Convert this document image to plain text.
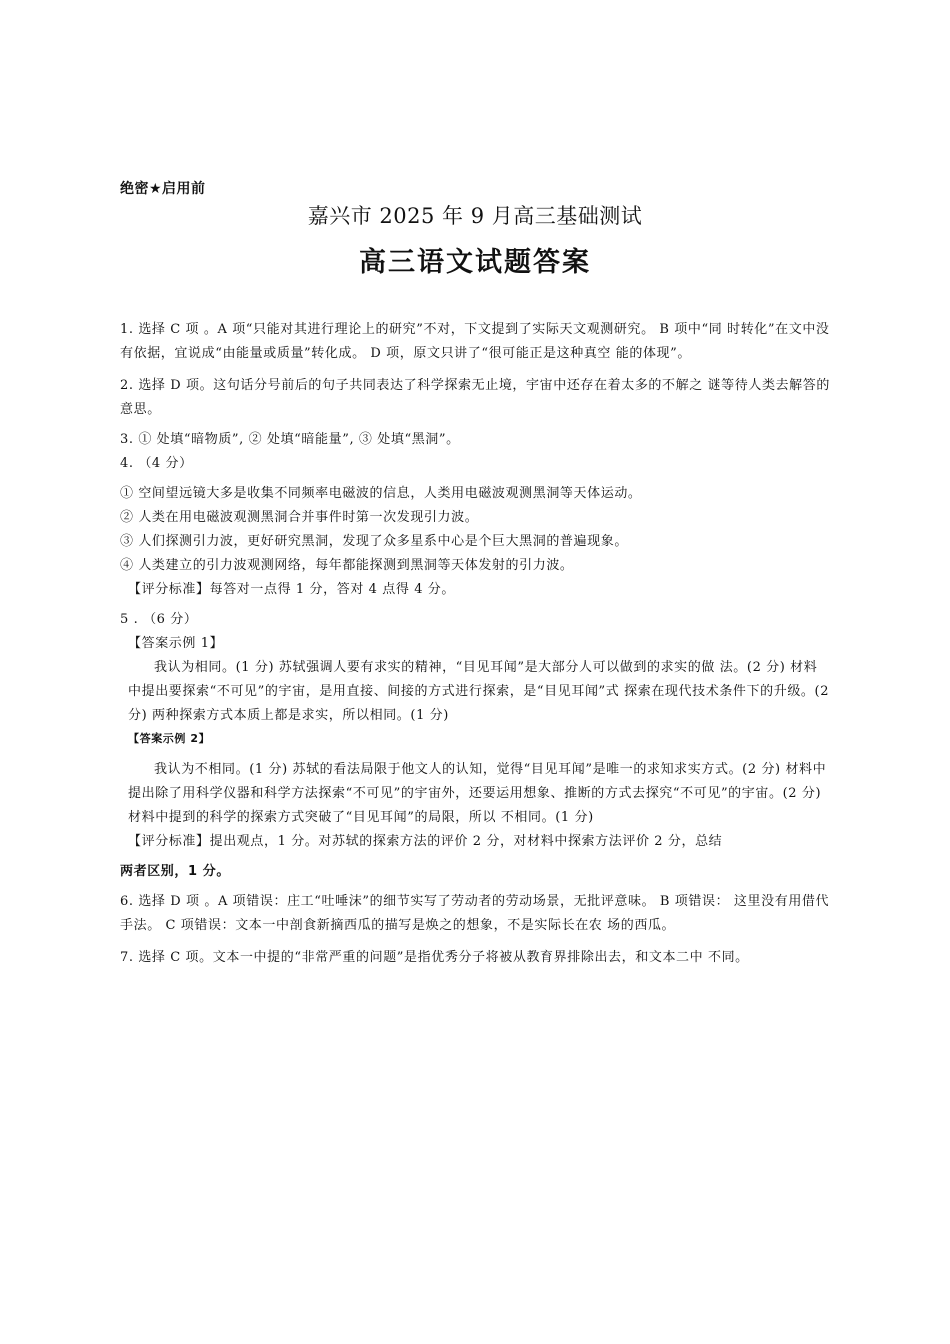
绝密★启用前
嘉兴市 2025 年 9 月高三基础测试
高三语文试题答案

1. 选择 C 项 。A 项“只能对其进行理论上的研究”不对，下文提到了实际天文观测研究。 B 项中“同 时转化”在文中没有依据，宜说成“由能量或质量”转化成。 D 项，原文只讲了“很可能正是这种真空 能的体现”。

2. 选择 D 项。这句话分号前后的句子共同表达了科学探索无止境，宇宙中还存在着太多的不解之 谜等待人类去解答的意思。

3. ① 处填“暗物质”, ② 处填“暗能量”, ③ 处填“黑洞”。

4. （4 分）

① 空间望远镜大多是收集不同频率电磁波的信息，人类用电磁波观测黑洞等天体运动。

② 人类在用电磁波观测黑洞合并事件时第一次发现引力波。

③ 人们探测引力波，更好研究黑洞，发现了众多星系中心是个巨大黑洞的普遍现象。

④ 人类建立的引力波观测网络，每年都能探测到黑洞等天体发射的引力波。

【评分标准】每答对一点得 1 分，答对 4 点得 4 分。

5 . （6 分）

【答案示例 1】

我认为相同。(1 分) 苏轼强调人要有求实的精神，“目见耳闻”是大部分人可以做到的求实的做 法。(2 分) 材料中提出要探索“不可见”的宇宙，是用直接、间接的方式进行探索，是“目见耳闻”式 探索在现代技术条件下的升级。(2 分) 两种探索方式本质上都是求实，所以相同。(1 分)

【答案示例 2】

我认为不相同。(1 分) 苏轼的看法局限于他文人的认知，觉得“目见耳闻”是唯一的求知求实方式。(2 分) 材料中提出除了用科学仪器和科学方法探索“不可见”的宇宙外，还要运用想象、推断的方式去探究“不可见”的宇宙。(2 分) 材料中提到的科学的探索方式突破了“目见耳闻”的局限，所以 不相同。(1 分)

【评分标准】提出观点，1 分。对苏轼的探索方法的评价 2 分，对材料中探索方法评价 2 分，总结

两者区别，1 分。

6. 选择 D 项 。A 项错误：庄工“吐唾沫”的细节实写了劳动者的劳动场景，无批评意味。 B 项错误： 这里没有用借代手法。 C 项错误：文本一中剖食新摘西瓜的描写是焕之的想象，不是实际长在农 场的西瓜。

7. 选择 C 项。文本一中提的“非常严重的问题”是指优秀分子将被从教育界排除出去，和文本二中 不同。
